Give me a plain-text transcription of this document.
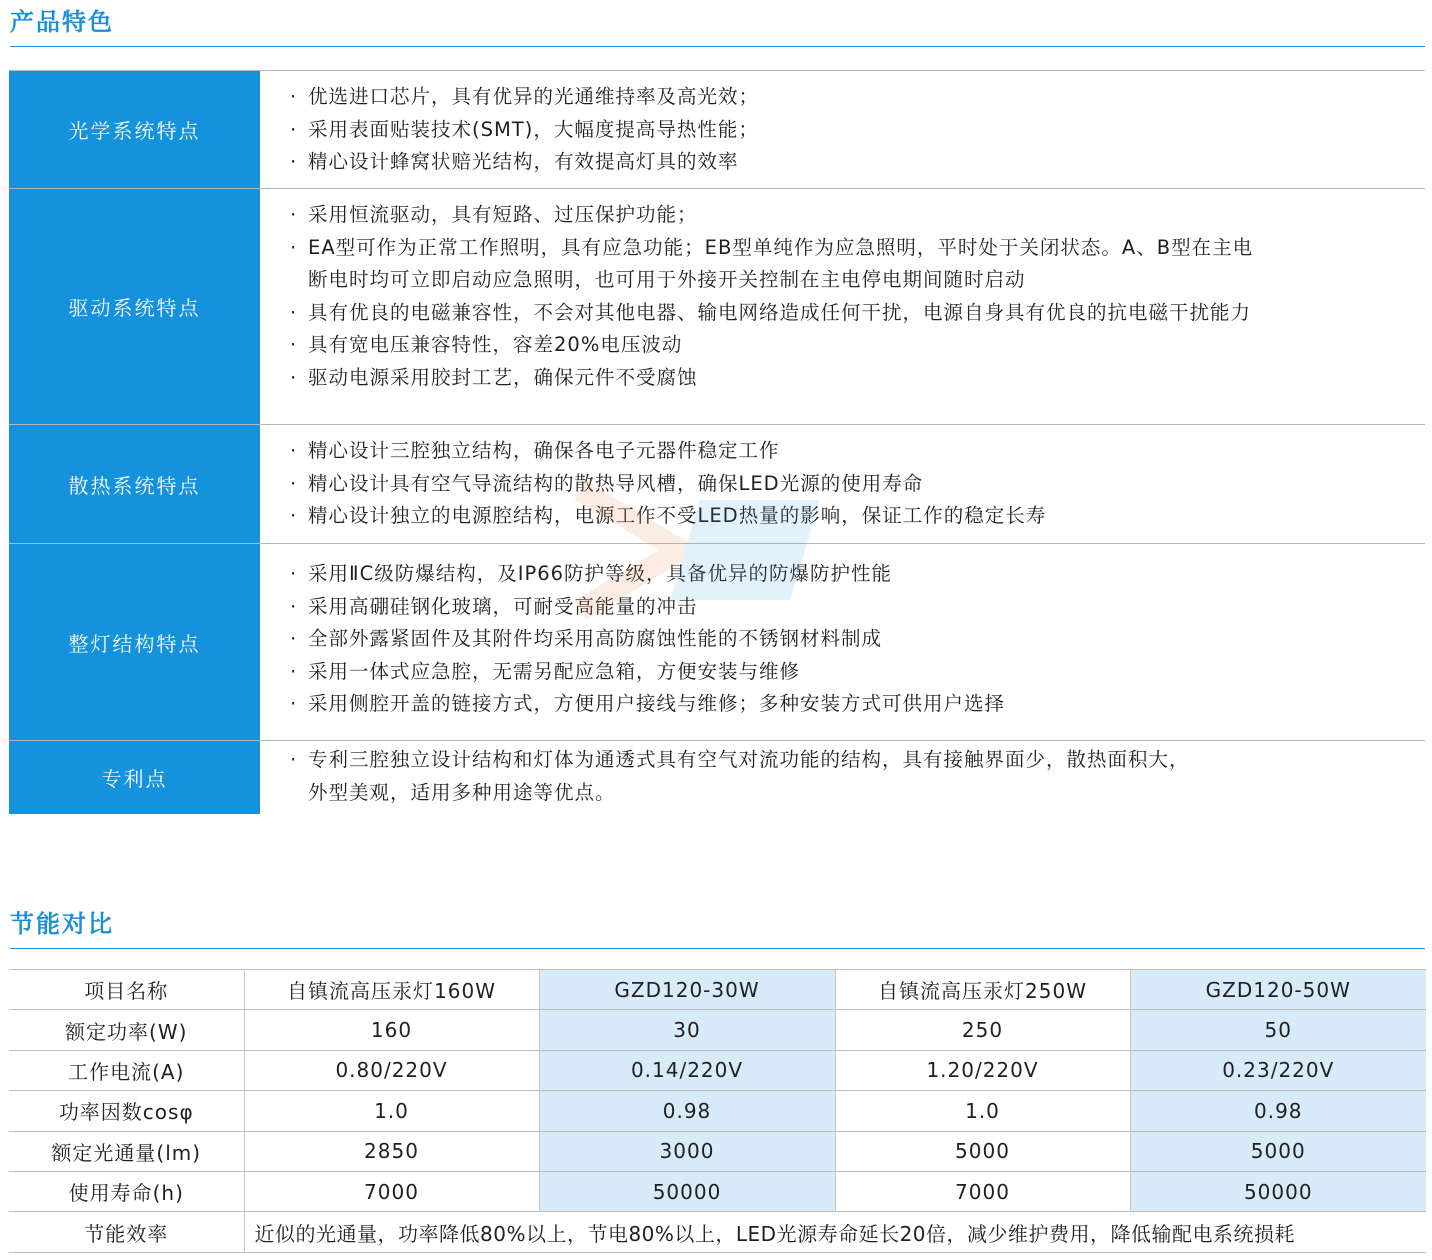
产品特色
光学系统特点
· 优选进口芯片，具有优异的光通维持率及高光效；
· 采用表面贴装技术(SMT)，大幅度提高导热性能；
· 精心设计蜂窝状赔光结构，有效提高灯具的效率
驱动系统特点
· 采用恒流驱动，具有短路、过压保护功能；
· EA型可作为正常工作照明，具有应急功能；EB型单纯作为应急照明，平时处于关闭状态。A、B型在主电
断电时均可立即启动应急照明，也可用于外接开关控制在主电停电期间随时启动
· 具有优良的电磁兼容性，不会对其他电器、输电网络造成任何干扰，电源自身具有优良的抗电磁干扰能力
· 具有宽电压兼容特性，容差20%电压波动
· 驱动电源采用胶封工艺，确保元件不受腐蚀
散热系统特点
· 精心设计三腔独立结构，确保各电子元器件稳定工作
· 精心设计具有空气导流结构的散热导风槽，确保LED光源的使用寿命
· 精心设计独立的电源腔结构，电源工作不受LED热量的影响，保证工作的稳定长寿
整灯结构特点
· 采用ⅡC级防爆结构，及IP66防护等级，具备优异的防爆防护性能
· 采用高硼硅钢化玻璃，可耐受高能量的冲击
· 全部外露紧固件及其附件均采用高防腐蚀性能的不锈钢材料制成
· 采用一体式应急腔，无需另配应急箱，方便安装与维修
· 采用侧腔开盖的链接方式，方便用户接线与维修；多种安装方式可供用户选择
专利点
· 专利三腔独立设计结构和灯体为通透式具有空气对流功能的结构，具有接触界面少，散热面积大，
外型美观，适用多种用途等优点。
节能对比
项目名称	自镇流高压汞灯160W	GZD120-30W	自镇流高压汞灯250W	GZD120-50W
额定功率(W)	160	30	250	50
工作电流(A)	0.80/220V	0.14/220V	1.20/220V	0.23/220V
功率因数cosφ	1.0	0.98	1.0	0.98
额定光通量(lm)	2850	3000	5000	5000
使用寿命(h)	7000	50000	7000	50000
节能效率	近似的光通量，功率降低80%以上，节电80%以上，LED光源寿命延长20倍，减少维护费用，降低输配电系统损耗			
